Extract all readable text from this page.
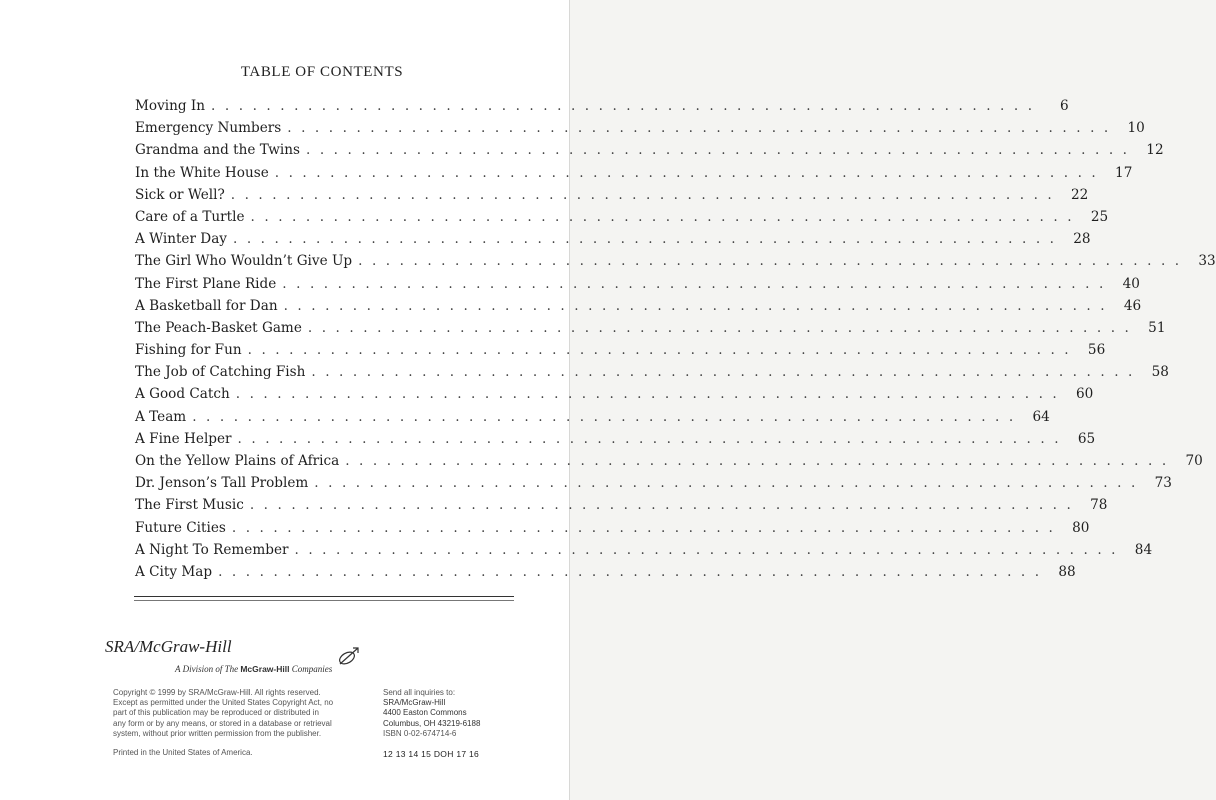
TABLE OF CONTENTS
Moving In . . . . . . . . . . . . . . . . . . . . . . . . . . . . . . . . . . . . . . . . . . . . . . . . . . . . . . . . . . . .	6
Emergency Numbers . . . . . . . . . . . . . . . . . . . . . . . . . . . . . . . . . . . . . . . . . . . . . . . . . . . . . . . . . . . .	10
Grandma and the Twins . . . . . . . . . . . . . . . . . . . . . . . . . . . . . . . . . . . . . . . . . . . . . . . . . . . . . . . . . . . .	12
In the White House . . . . . . . . . . . . . . . . . . . . . . . . . . . . . . . . . . . . . . . . . . . . . . . . . . . . . . . . . . . .	17
Sick or Well? . . . . . . . . . . . . . . . . . . . . . . . . . . . . . . . . . . . . . . . . . . . . . . . . . . . . . . . . . . . .	22
Care of a Turtle . . . . . . . . . . . . . . . . . . . . . . . . . . . . . . . . . . . . . . . . . . . . . . . . . . . . . . . . . . . .	25
A Winter Day . . . . . . . . . . . . . . . . . . . . . . . . . . . . . . . . . . . . . . . . . . . . . . . . . . . . . . . . . . . .	28
The Girl Who Wouldn’t Give Up . . . . . . . . . . . . . . . . . . . . . . . . . . . . . . . . . . . . . . . . . . . . . . . . . . . . . . . . . . . .	33
The First Plane Ride . . . . . . . . . . . . . . . . . . . . . . . . . . . . . . . . . . . . . . . . . . . . . . . . . . . . . . . . . . . .	40
A Basketball for Dan . . . . . . . . . . . . . . . . . . . . . . . . . . . . . . . . . . . . . . . . . . . . . . . . . . . . . . . . . . . .	46
The Peach-Basket Game . . . . . . . . . . . . . . . . . . . . . . . . . . . . . . . . . . . . . . . . . . . . . . . . . . . . . . . . . . . .	51
Fishing for Fun . . . . . . . . . . . . . . . . . . . . . . . . . . . . . . . . . . . . . . . . . . . . . . . . . . . . . . . . . . . .	56
The Job of Catching Fish . . . . . . . . . . . . . . . . . . . . . . . . . . . . . . . . . . . . . . . . . . . . . . . . . . . . . . . . . . . .	58
A Good Catch . . . . . . . . . . . . . . . . . . . . . . . . . . . . . . . . . . . . . . . . . . . . . . . . . . . . . . . . . . . .	60
A Team . . . . . . . . . . . . . . . . . . . . . . . . . . . . . . . . . . . . . . . . . . . . . . . . . . . . . . . . . . . .	64
A Fine Helper . . . . . . . . . . . . . . . . . . . . . . . . . . . . . . . . . . . . . . . . . . . . . . . . . . . . . . . . . . . .	65
On the Yellow Plains of Africa . . . . . . . . . . . . . . . . . . . . . . . . . . . . . . . . . . . . . . . . . . . . . . . . . . . . . . . . . . . .	70
Dr. Jenson’s Tall Problem . . . . . . . . . . . . . . . . . . . . . . . . . . . . . . . . . . . . . . . . . . . . . . . . . . . . . . . . . . . .	73
The First Music . . . . . . . . . . . . . . . . . . . . . . . . . . . . . . . . . . . . . . . . . . . . . . . . . . . . . . . . . . . .	78
Future Cities . . . . . . . . . . . . . . . . . . . . . . . . . . . . . . . . . . . . . . . . . . . . . . . . . . . . . . . . . . . .	80
A Night To Remember . . . . . . . . . . . . . . . . . . . . . . . . . . . . . . . . . . . . . . . . . . . . . . . . . . . . . . . . . . . .	84
A City Map . . . . . . . . . . . . . . . . . . . . . . . . . . . . . . . . . . . . . . . . . . . . . . . . . . . . . . . . . . . .	88
SRA/McGraw-Hill
A Division of The McGraw-Hill Companies
Copyright © 1999 by SRA/McGraw-Hill. All rights reserved.
Except as permitted under the United States Copyright Act, no
part of this publication may be reproduced or distributed in
any form or by any means, or stored in a database or retrieval
system, without prior written permission from the publisher.
Printed in the United States of America.
Send all inquiries to:
SRA/McGraw-Hill
4400 Easton Commons
Columbus, OH 43219-6188
ISBN 0-02-674714-6
12 13 14 15 DOH 17 16
